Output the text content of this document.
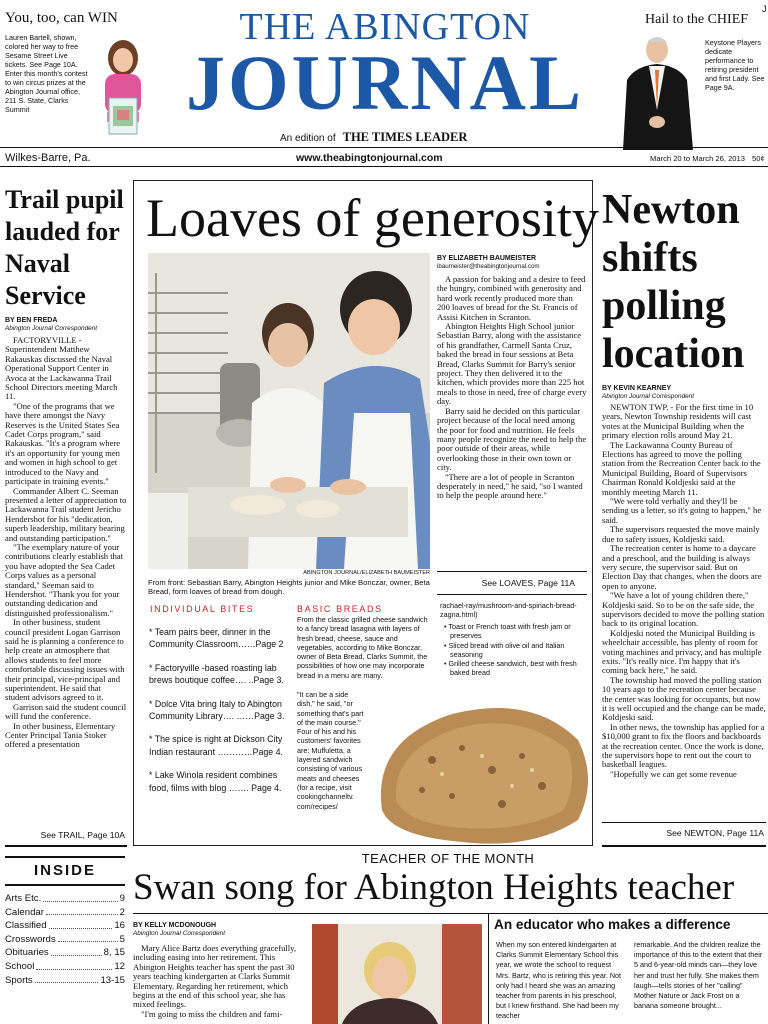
You, too, can WIN
Lauren Bartell, shown, colored her way to free Sesame Street Live tickets. See Page 10A. Enter this month's contest to win circus prizes at the Abington Journal office, 211 S. State, Clarks Summit
THE ABINGTON
JOURNAL
An edition of THE TIMES LEADER
Hail to the CHIEF
Keystone Players dedicate performance to retiring president and first Lady. See Page 9A.
J
Wilkes-Barre, Pa.	www.theabingtonjournal.com	March 20 to March 26, 2013 50¢
Trail pupil lauded for Naval Service
BY BEN FREDA
Abington Journal Correspondent

FACTORYVILLE -Superintendent Matthew Rakauskas discussed the Naval Operational Support Center in Avoca at the Lackawanna Trail School Directors meeting March 11.

"One of the programs that we have there amongst the Navy Reserves is the United States Sea Cadet Corps program," said Rakauskas. "It's a program where it's an opportunity for young men and women in high school to get introduced to the Navy and participate in training events."

Commander Albert C. Seeman presented a letter of appreciation to Lackawanna Trail student Jericho Hendershot for his "dedication, superb leadership, military bearing and outstanding participation."

"The exemplary nature of your contributions clearly establish that you have adopted the Sea Cadet Corps values as a personal standard," Seeman said to Hendershot. "Thank you for your outstanding dedication and distinguished professionalism."

In other business, student council president Logan Garrison said he is planning a conference to help create an atmosphere that allows students to feel more comfortable discussing issues with their principal, vice-principal and superintendent. He said that student advisors agreed to it.

Garrison said the student council will fund the conference.

In other business, Elementary Center Principal Tania Stoker offered a presentation

See TRAIL, Page 10A
Loaves of generosity
ABINGTON JOURNAL/ELIZABETH BAUMEISTER
From front: Sebastian Barry, Abington Heights junior and Mike Bonczar, owner, Beta Bread, form loaves of bread from dough.
BY ELIZABETH BAUMEISTER
ibaumeister@theabingtonjournal.com

A passion for baking and a desire to feed the hungry, combined with generosity and hard work recently produced more than 200 loaves of bread for the St. Francis of Assisi Kitchen in Scranton.

Abington Heights High School junior Sebastian Barry, along with the assistance of his grandfather, Carmell Santa Cruz, baked the bread in four sessions at Beta Bread, Clarks Summit for Barry's senior project. They then delivered it to the kitchen, which provides more than 225 hot meals to those in need, free of charge every day.

Barry said he decided on this particular project because of the local need among the poor for food and nutrition. He feels many people recognize the need to help the poor outside of their areas, while overlooking those in their own town or city.

"There are a lot of people in Scranton desperately in need," he said, "so I wanted to help the people around here."

See LOAVES, Page 11A
INDIVIDUAL BITES
* Team pairs beer, dinner in the Community Classroom……Page 2
* Factoryville -based roasting lab brews boutique coffee…. ..Page 3.
* Dolce Vita bring Italy to Abington Community Library…. ……Page 3.
* The spice is right at Dickson City Indian restaurant …………Page 4.
* Lake Winola resident combines food, films with blog ……. Page 4.
BASIC BREADS
From the classic grilled cheese sandwich to a fancy bread lasagna with layers of fresh bread, cheese, sauce and vegetables, according to Mike Bonczar, owner of Beta Bread, Clarks Summit, the possibilities of how one may incorporate bread in a menu are many.
"It can be a side
dish," he said, "or
something that's part
of the main course."
Four of his and his
customers' favorites
are: Muffuletta, a
layered sandwich
consisting of various
meats and cheeses
(for a recipe, visit
cookingchanneltv.
com/recipes/
rachael-ray/mushroom-and-spinach-bread-zagna.html)
• Toast or French toast with fresh jam or preserves
• Sliced bread with olive oil and Italian seasoning
• Grilled cheese sandwich, best with fresh baked bread
Newton shifts polling location
BY KEVIN KEARNEY
Abington Journal Correspondent

NEWTON TWP. - For the first time in 10 years, Newton Township residents will cast votes at the Municipal Building when the primary election rolls around May 21.

The Lackawanna County Bureau of Elections has agreed to move the polling station from the Recreation Center back to the Municipal Building, Board of Supervisors Chairman Ronald Koldjeski said at the monthly meeting March 11.

"We were told verbally and they'll be sending us a letter, so it's going to happen," he said.

The supervisors requested the move mainly due to safety issues, Koldjeski said.

The recreation center is home to a daycare and a preschool, and the building is always very secure, the supervisor said. But on Election Day that changes, when the doors are open to anyone.

"We have a lot of young children there," Koldjeski said. So to be on the safe side, the supervisors decided to move the polling station back to its original location.

Koldjeski noted the Municipal Building is wheelchair accessible, has plenty of room for voting machines and privacy, and has multiple exits. "It's really nice. I'm happy that it's coming back here," he said.

The township had moved the polling station 10 years ago to the recreation center because the center was looking for occupants, but now it is well occupied and the change can be made, Koldjeski said.

In other news, the township has applied for a $10,000 grant to fix the floors and backboards at the recreation center. Once the work is done, the supervisors hope to rent out the court to basketball leagues.

"Hopefully we can get some revenue

See NEWTON, Page 11A
INSIDE
Arts Etc.	9
Calendar	2
Classified	16
Crosswords	5
Obituaries	8, 15
School	12
Sports	13-15
TEACHER OF THE MONTH
Swan song for Abington Heights teacher
BY KELLY MCDONOUGH
Abington Journal Correspondent

Mary Alice Bartz does everything gracefully, including easing into her retirement. This Abington Heights teacher has spent the past 30 years teaching kindergarten at Clarks Summit Elementary. Regarding her retirement, which begins at the end of this school year, she has mixed feelings.

"I'm going to miss the children and fami-

An educator who makes a difference
When my son entered kindergarten at Clarks Summit Elementary School this year, we wrote the school to request Mrs. Bartz, who is retiring this year. Not only had I heard she was an amazing teacher from parents in his preschool, but I knew firsthand. She had been my teacher
remarkable. And the children realize the importance of this to the extent that their 5 and 6-year-old minds can—they love her and trust her fully. She makes them laugh—tells stories of her "calling" Mother Nature or Jack Frost on a banana someone brought...
